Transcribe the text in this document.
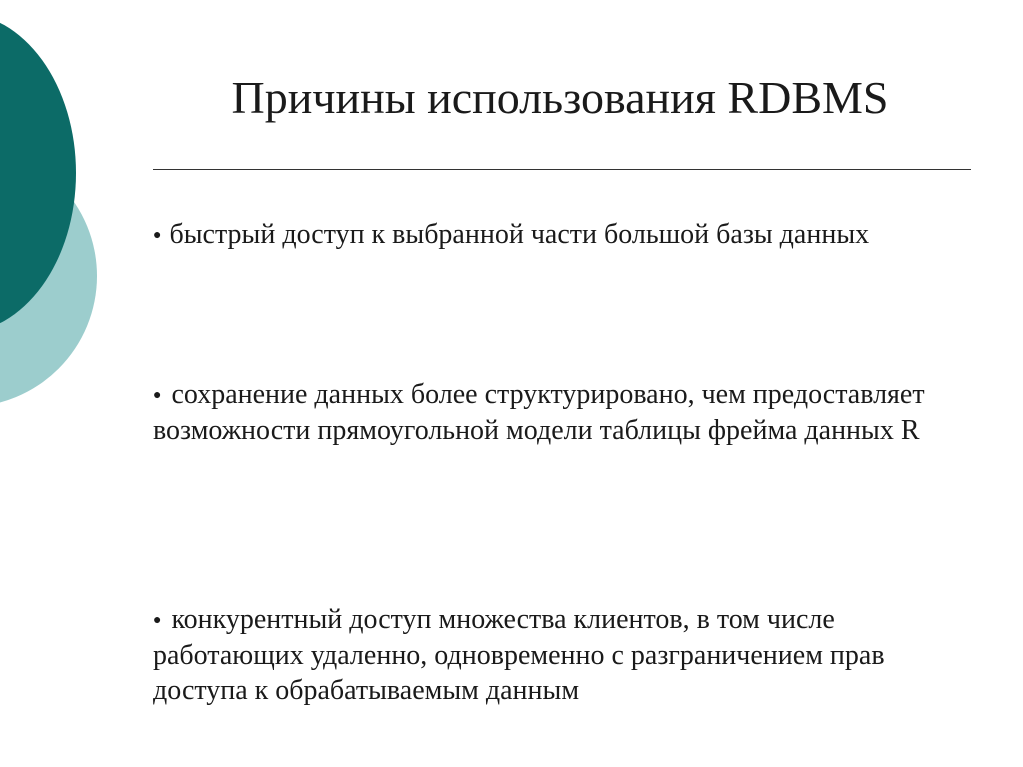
Причины использования RDBMS

● быстрый доступ к выбранной части большой базы данных

● сохранение данных более структурировано, чем предоставляет возможности прямоугольной модели таблицы фрейма данных R

● конкурентный доступ множества клиентов, в том числе работающих удаленно, одновременно с разграничением прав доступа к обрабатываемым данным
